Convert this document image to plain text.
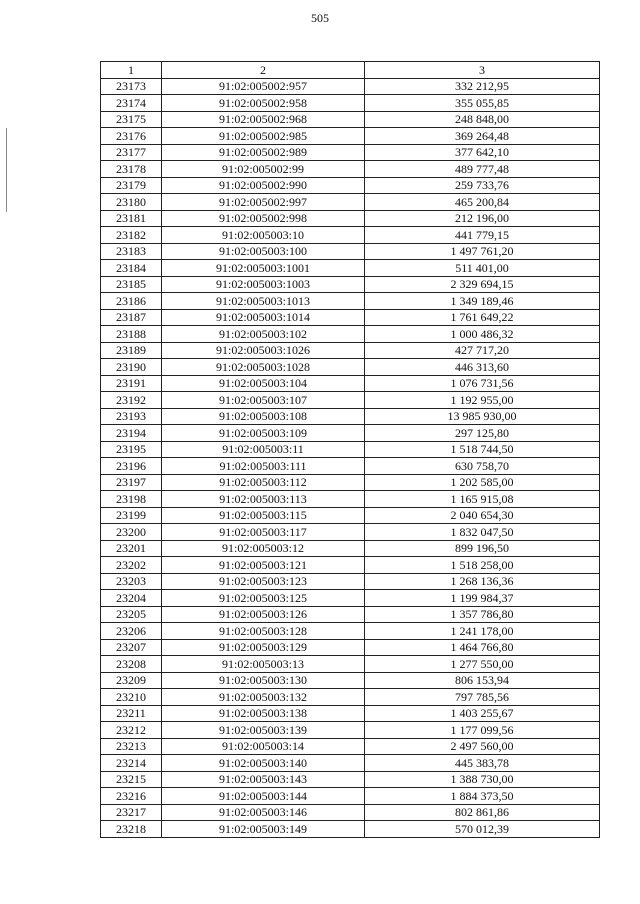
505
1	2	3
23173	91:02:005002:957	332 212,95
23174	91:02:005002:958	355 055,85
23175	91:02:005002:968	248 848,00
23176	91:02:005002:985	369 264,48
23177	91:02:005002:989	377 642,10
23178	91:02:005002:99	489 777,48
23179	91:02:005002:990	259 733,76
23180	91:02:005002:997	465 200,84
23181	91:02:005002:998	212 196,00
23182	91:02:005003:10	441 779,15
23183	91:02:005003:100	1 497 761,20
23184	91:02:005003:1001	511 401,00
23185	91:02:005003:1003	2 329 694,15
23186	91:02:005003:1013	1 349 189,46
23187	91:02:005003:1014	1 761 649,22
23188	91:02:005003:102	1 000 486,32
23189	91:02:005003:1026	427 717,20
23190	91:02:005003:1028	446 313,60
23191	91:02:005003:104	1 076 731,56
23192	91:02:005003:107	1 192 955,00
23193	91:02:005003:108	13 985 930,00
23194	91:02:005003:109	297 125,80
23195	91:02:005003:11	1 518 744,50
23196	91:02:005003:111	630 758,70
23197	91:02:005003:112	1 202 585,00
23198	91:02:005003:113	1 165 915,08
23199	91:02:005003:115	2 040 654,30
23200	91:02:005003:117	1 832 047,50
23201	91:02:005003:12	899 196,50
23202	91:02:005003:121	1 518 258,00
23203	91:02:005003:123	1 268 136,36
23204	91:02:005003:125	1 199 984,37
23205	91:02:005003:126	1 357 786,80
23206	91:02:005003:128	1 241 178,00
23207	91:02:005003:129	1 464 766,80
23208	91:02:005003:13	1 277 550,00
23209	91:02:005003:130	806 153,94
23210	91:02:005003:132	797 785,56
23211	91:02:005003:138	1 403 255,67
23212	91:02:005003:139	1 177 099,56
23213	91:02:005003:14	2 497 560,00
23214	91:02:005003:140	445 383,78
23215	91:02:005003:143	1 388 730,00
23216	91:02:005003:144	1 884 373,50
23217	91:02:005003:146	802 861,86
23218	91:02:005003:149	570 012,39
